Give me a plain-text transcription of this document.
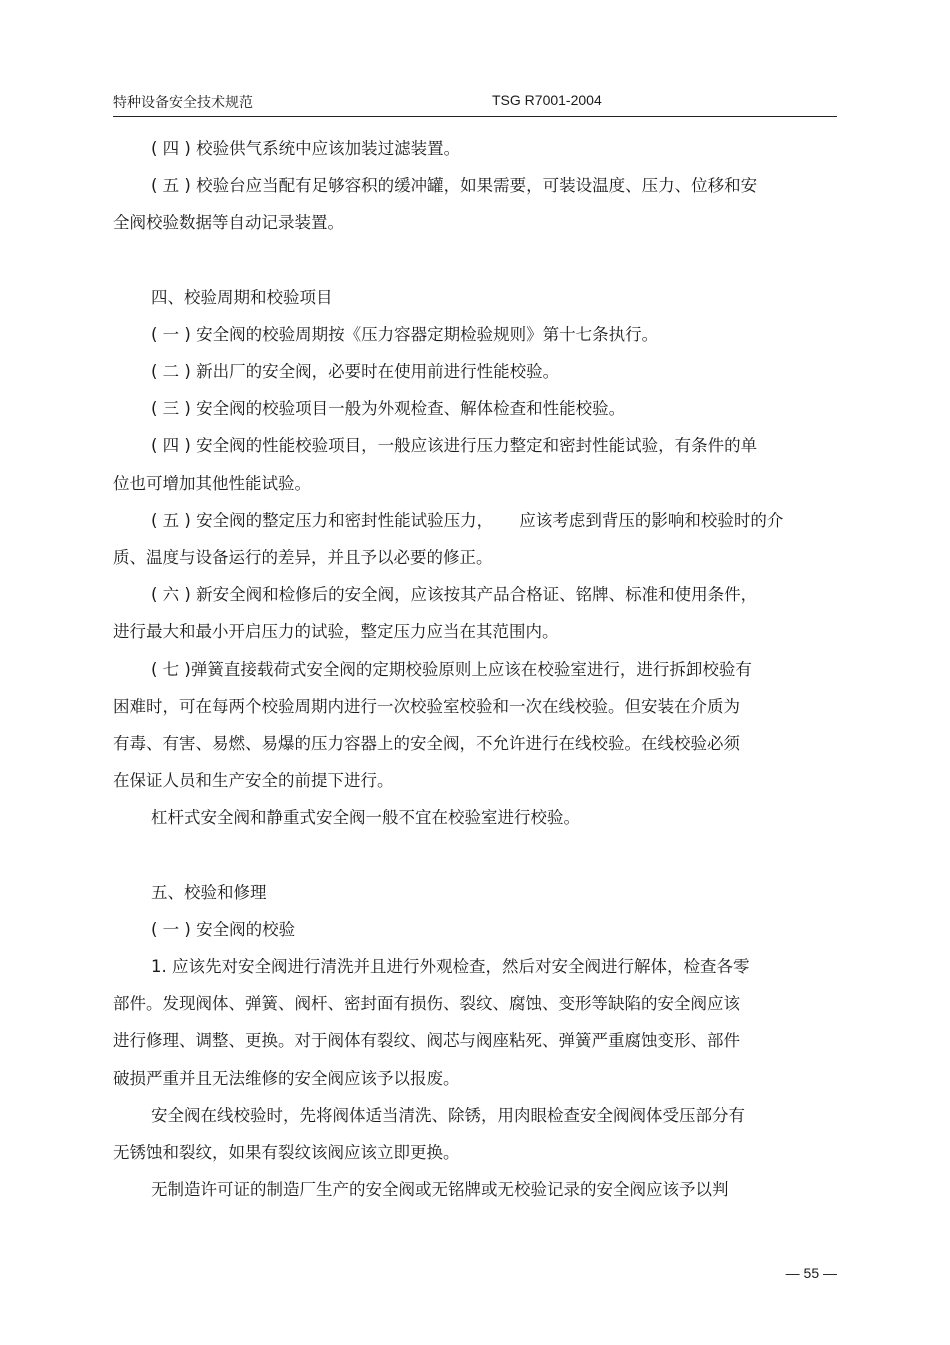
特种设备安全技术规范	TSG R7001-2004
( 四 ) 校验供气系统中应该加装过滤装置。
( 五 ) 校验台应当配有足够容积的缓冲罐，如果需要，可装设温度、压力、位移和安
全阀校验数据等自动记录装置。
四、校验周期和校验项目
( 一 ) 安全阀的校验周期按《压力容器定期检验规则》第十七条执行。
( 二 ) 新出厂的安全阀，必要时在使用前进行性能校验。
( 三 ) 安全阀的校验项目一般为外观检查、解体检查和性能校验。
( 四 ) 安全阀的性能校验项目，一般应该进行压力整定和密封性能试验，有条件的单
位也可增加其他性能试验。
( 五 ) 安全阀的整定压力和密封性能试验压力，     应该考虑到背压的影响和校验时的介
质、温度与设备运行的差异，并且予以必要的修正。
( 六 ) 新安全阀和检修后的安全阀，应该按其产品合格证、铭牌、标准和使用条件，
进行最大和最小开启压力的试验，整定压力应当在其范围内。
( 七 )弹簧直接载荷式安全阀的定期校验原则上应该在校验室进行，进行拆卸校验有
困难时，可在每两个校验周期内进行一次校验室校验和一次在线校验。但安装在介质为
有毒、有害、易燃、易爆的压力容器上的安全阀，不允许进行在线校验。在线校验必须
在保证人员和生产安全的前提下进行。
杠杆式安全阀和静重式安全阀一般不宜在校验室进行校验。
五、校验和修理
( 一 ) 安全阀的校验
1. 应该先对安全阀进行清洗并且进行外观检查，然后对安全阀进行解体，检查各零
部件。发现阀体、弹簧、阀杆、密封面有损伤、裂纹、腐蚀、变形等缺陷的安全阀应该
进行修理、调整、更换。对于阀体有裂纹、阀芯与阀座粘死、弹簧严重腐蚀变形、部件
破损严重并且无法维修的安全阀应该予以报废。
安全阀在线校验时，先将阀体适当清洗、除锈，用肉眼检查安全阀阀体受压部分有
无锈蚀和裂纹，如果有裂纹该阀应该立即更换。
无制造许可证的制造厂生产的安全阀或无铭牌或无校验记录的安全阀应该予以判
— 55 —
